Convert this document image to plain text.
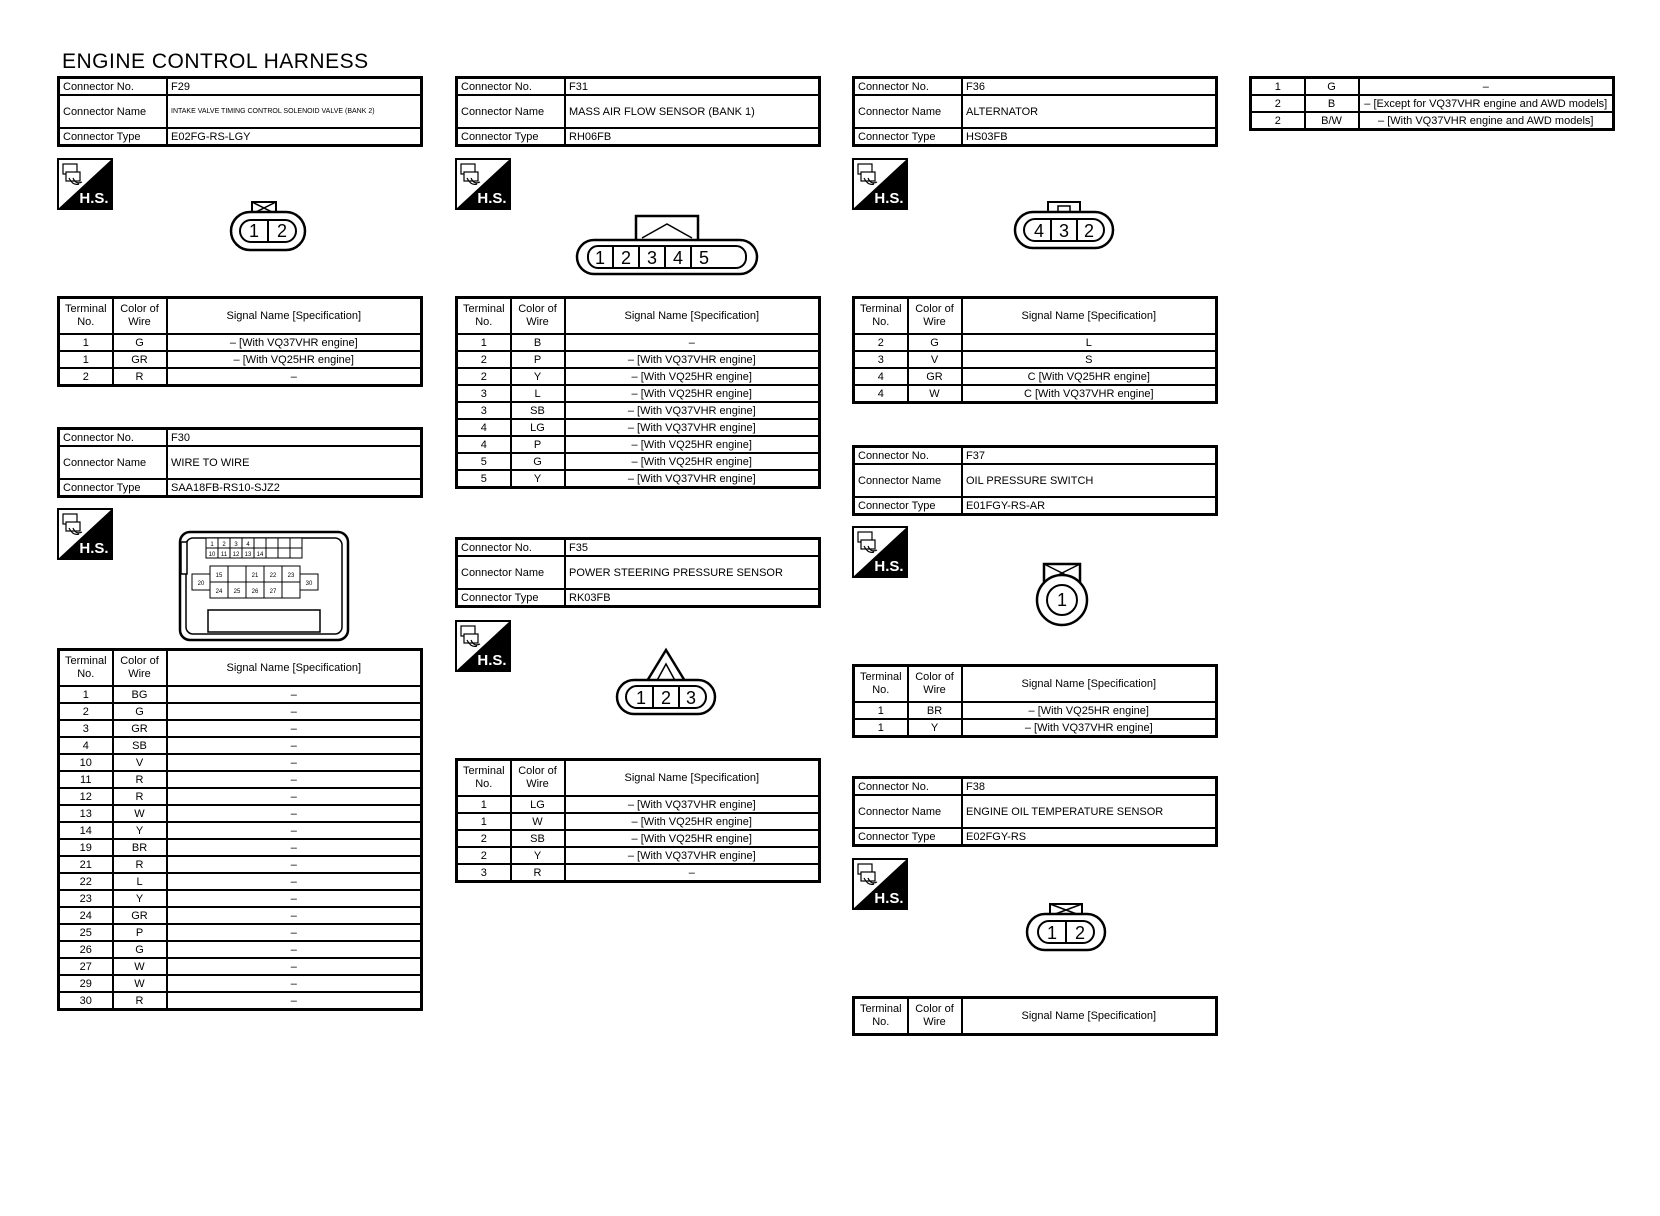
ENGINE CONTROL HARNESS
Connector No.	F29
Connector Name	INTAKE VALVE TIMING CONTROL SOLENOID VALVE (BANK 2)
Connector Type	E02FG-RS-LGY
H.S.
1 2
Terminal No.	Color of Wire	Signal Name [Specification]
1	G	– [With VQ37VHR engine]
1	GR	– [With VQ25HR engine]
2	R	–
Connector No.	F30
Connector Name	WIRE TO WIRE
Connector Type	SAA18FB-RS10-SJZ2
H.S.	1 2 3 4
10 11 12 13 14
20
15	21 22 23
24 25 26 27
30
Terminal No.	Color of Wire	Signal Name [Specification]
1	BG	–
2	G	–
3	GR	–
4	SB	–
10	V	–
11	R	–
12	R	–
13	W	–
14	Y	–
19	BR	–
21	R	–
22	L	–
23	Y	–
24	GR	–
25	P	–
26	G	–
27	W	–
29	W	–
30	R	–
Connector No.	F31
Connector Name	MASS AIR FLOW SENSOR (BANK 1)
Connector Type	RH06FB
H.S.
1 2 3 4 5
Terminal No.	Color of Wire	Signal Name [Specification]
1	B	–
2	P	– [With VQ37VHR engine]
2	Y	– [With VQ25HR engine]
3	L	– [With VQ25HR engine]
3	SB	– [With VQ37VHR engine]
4	LG	– [With VQ37VHR engine]
4	P	– [With VQ25HR engine]
5	G	– [With VQ25HR engine]
5	Y	– [With VQ37VHR engine]
Connector No.	F35
Connector Name	POWER STEERING PRESSURE SENSOR
Connector Type	RK03FB
H.S.
1 2 3
Terminal No.	Color of Wire	Signal Name [Specification]
1	LG	– [With VQ37VHR engine]
1	W	– [With VQ25HR engine]
2	SB	– [With VQ25HR engine]
2	Y	– [With VQ37VHR engine]
3	R	–
Connector No.	F36
Connector Name	ALTERNATOR
Connector Type	HS03FB
H.S.
4 3 2
Terminal No.	Color of Wire	Signal Name [Specification]
2	G	L
3	V	S
4	GR	C [With VQ25HR engine]
4	W	C [With VQ37VHR engine]
Connector No.	F37
Connector Name	OIL PRESSURE SWITCH
Connector Type	E01FGY-RS-AR
H.S.
1
Terminal No.	Color of Wire	Signal Name [Specification]
1	BR	– [With VQ25HR engine]
1	Y	– [With VQ37VHR engine]
Connector No.	F38
Connector Name	ENGINE OIL TEMPERATURE SENSOR
Connector Type	E02FGY-RS
H.S.
1 2
Terminal No.	Color of Wire	Signal Name [Specification]
1	G	–
2	B	– [Except for VQ37VHR engine and AWD models]
2	B/W	– [With VQ37VHR engine and AWD models]
